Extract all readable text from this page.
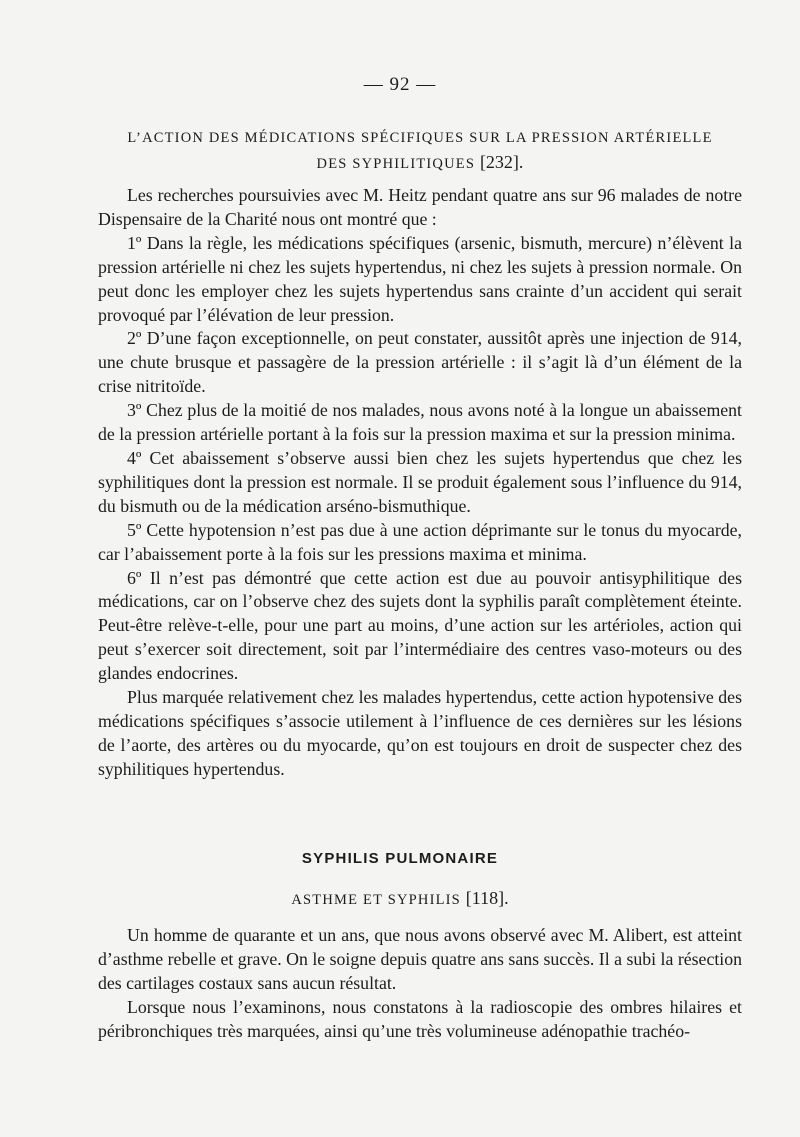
— 92 —
L’ACTION DES MÉDICATIONS SPÉCIFIQUES SUR LA PRESSION ARTÉRIELLE
DES SYPHILITIQUES [232].

Les recherches poursuivies avec M. Heitz pendant quatre ans sur 96 malades de notre Dispensaire de la Charité nous ont montré que :

1º Dans la règle, les médications spécifiques (arsenic, bismuth, mercure) n’élèvent la pression artérielle ni chez les sujets hypertendus, ni chez les sujets à pression normale. On peut donc les employer chez les sujets hypertendus sans crainte d’un accident qui serait provoqué par l’élévation de leur pression.

2º D’une façon exceptionnelle, on peut constater, aussitôt après une injection de 914, une chute brusque et passagère de la pression artérielle : il s’agit là d’un élément de la crise nitritoïde.

3º Chez plus de la moitié de nos malades, nous avons noté à la longue un abaissement de la pression artérielle portant à la fois sur la pression maxima et sur la pression minima.

4º Cet abaissement s’observe aussi bien chez les sujets hypertendus que chez les syphilitiques dont la pression est normale. Il se produit également sous l’influence du 914, du bismuth ou de la médication arséno-bismuthique.

5º Cette hypotension n’est pas due à une action déprimante sur le tonus du myocarde, car l’abaissement porte à la fois sur les pressions maxima et minima.

6º Il n’est pas démontré que cette action est due au pouvoir antisyphilitique des médications, car on l’observe chez des sujets dont la syphilis paraît complètement éteinte. Peut-être relève-t-elle, pour une part au moins, d’une action sur les artérioles, action qui peut s’exercer soit directement, soit par l’intermédiaire des centres vaso-moteurs ou des glandes endocrines.

Plus marquée relativement chez les malades hypertendus, cette action hypotensive des médications spécifiques s’associe utilement à l’influence de ces dernières sur les lésions de l’aorte, des artères ou du myocarde, qu’on est toujours en droit de suspecter chez des syphilitiques hypertendus.

SYPHILIS PULMONAIRE
ASTHME ET SYPHILIS [118].

Un homme de quarante et un ans, que nous avons observé avec M. Alibert, est atteint d’asthme rebelle et grave. On le soigne depuis quatre ans sans succès. Il a subi la résection des cartilages costaux sans aucun résultat.

Lorsque nous l’examinons, nous constatons à la radioscopie des ombres hilaires et péribronchiques très marquées, ainsi qu’une très volumineuse adénopathie trachéo-
